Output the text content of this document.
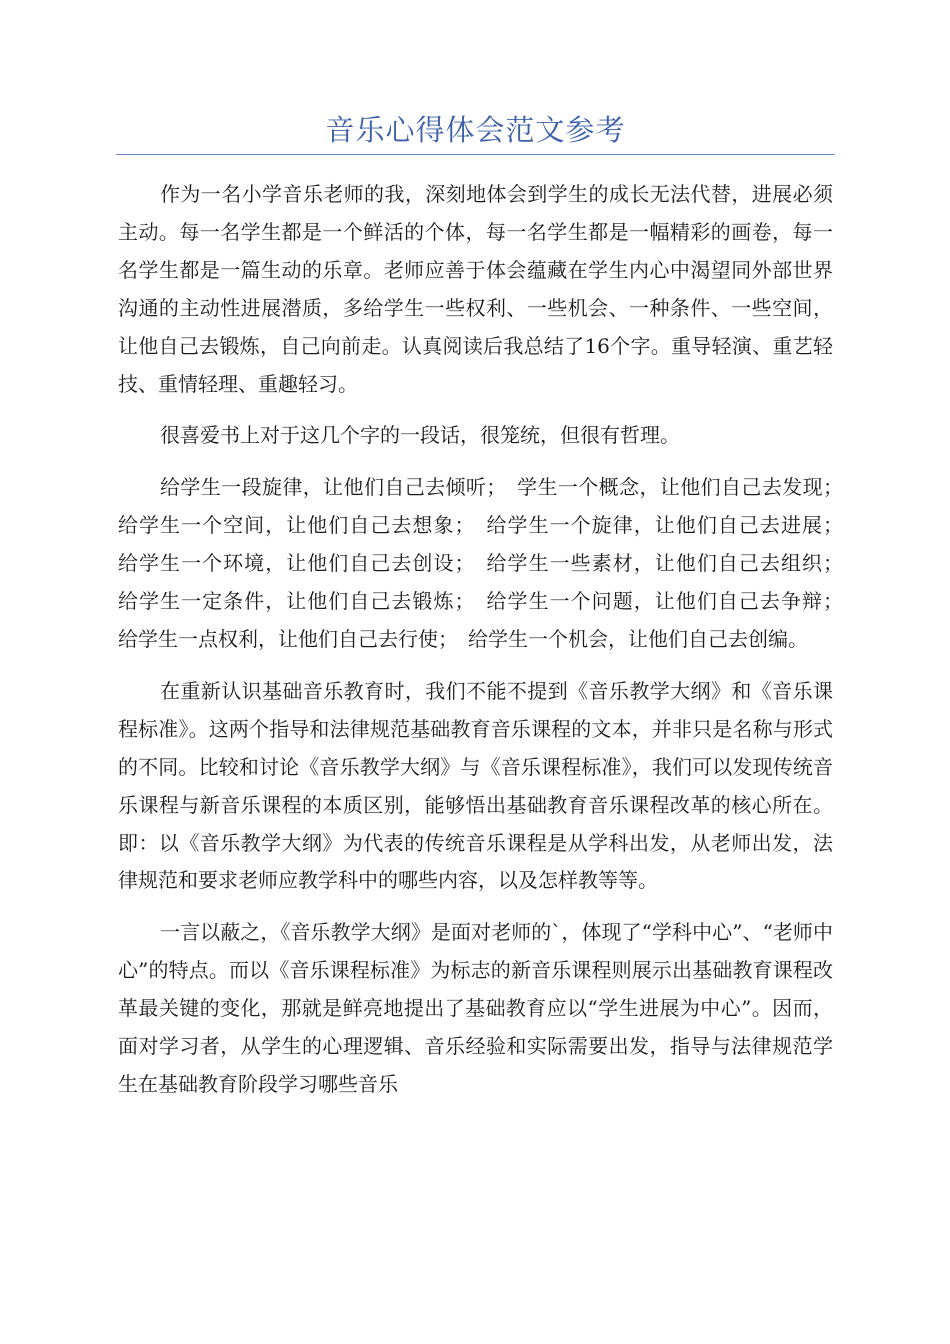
音乐心得体会范文参考

作为一名小学音乐老师的我，深刻地体会到学生的成长无法代替，进展必须主动。每一名学生都是一个鲜活的个体，每一名学生都是一幅精彩的画卷，每一名学生都是一篇生动的乐章。老师应善于体会蕴藏在学生内心中渴望同外部世界沟通的主动性进展潜质，多给学生一些权利、一些机会、一种条件、一些空间，让他自己去锻炼，自己向前走。认真阅读后我总结了16个字。重导轻演、重艺轻技、重情轻理、重趣轻习。

很喜爱书上对于这几个字的一段话，很笼统，但很有哲理。

给学生一段旋律，让他们自己去倾听；　学生一个概念，让他们自己去发现；　给学生一个空间，让他们自己去想象；　给学生一个旋律，让他们自己去进展；　给学生一个环境，让他们自己去创设；　给学生一些素材，让他们自己去组织；　给学生一定条件，让他们自己去锻炼；　给学生一个问题，让他们自己去争辩；　给学生一点权利，让他们自己去行使；　给学生一个机会，让他们自己去创编。

在重新认识基础音乐教育时，我们不能不提到《音乐教学大纲》和《音乐课程标准》。这两个指导和法律规范基础教育音乐课程的文本，并非只是名称与形式的不同。比较和讨论《音乐教学大纲》与《音乐课程标准》，我们可以发现传统音乐课程与新音乐课程的本质区别，能够悟出基础教育音乐课程改革的核心所在。即：以《音乐教学大纲》为代表的传统音乐课程是从学科出发，从老师出发，法律规范和要求老师应教学科中的哪些内容，以及怎样教等等。

一言以蔽之，《音乐教学大纲》是面对老师的`，体现了“学科中心”、“老师中心”的特点。而以《音乐课程标准》为标志的新音乐课程则展示出基础教育课程改革最关键的变化，那就是鲜亮地提出了基础教育应以“学生进展为中心”。因而，面对学习者，从学生的心理逻辑、音乐经验和实际需要出发，指导与法律规范学生在基础教育阶段学习哪些音乐
